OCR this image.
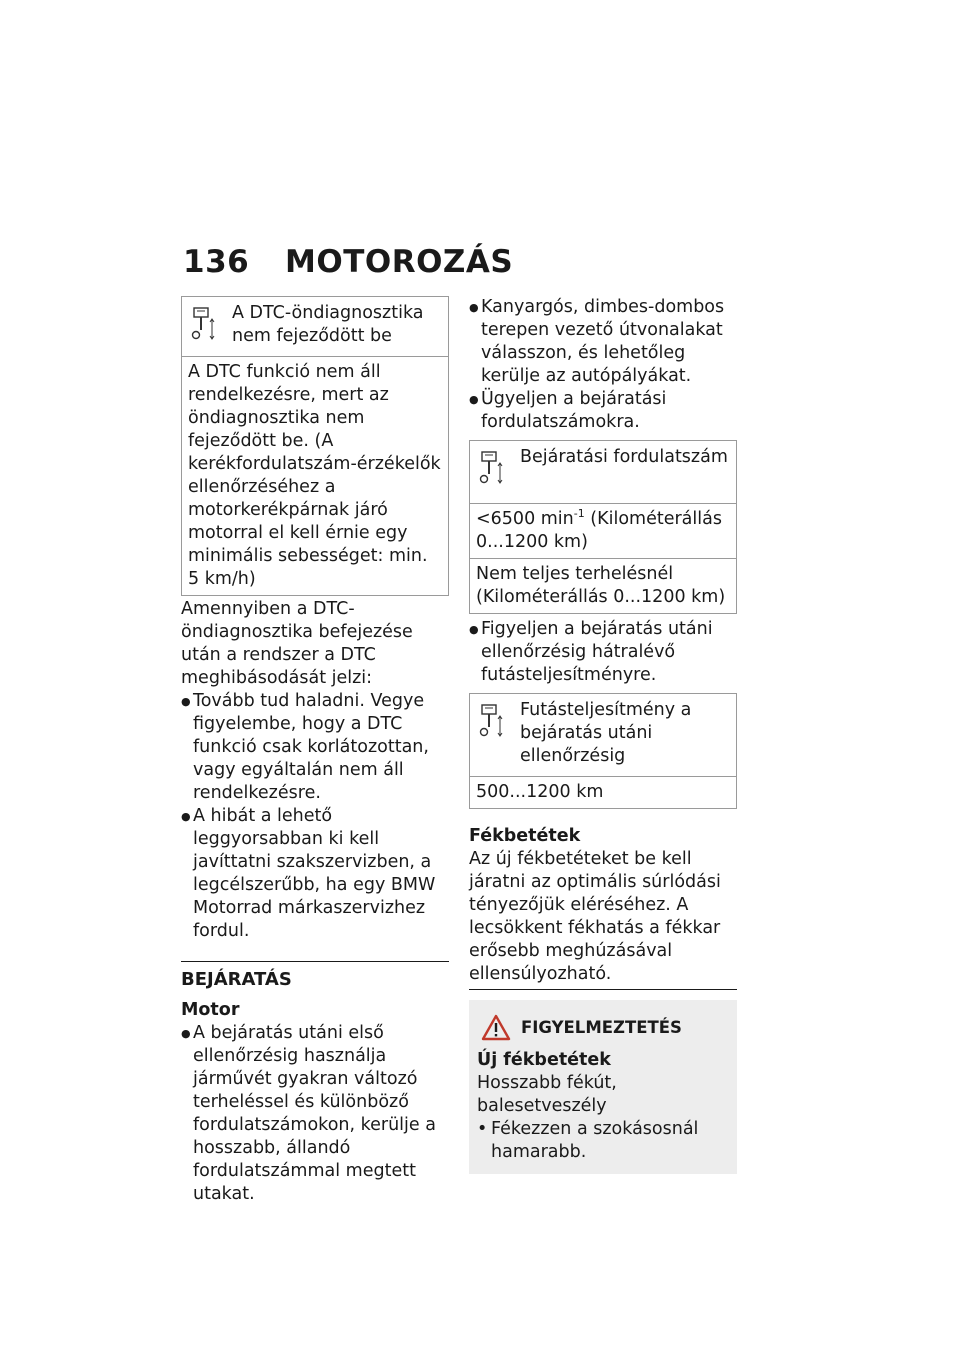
136 MOTOROZÁS
A DTC-öndiagnosztika nem fejeződött be
A DTC funkció nem áll rendelkezésre, mert az öndiagnosztika nem fejeződött be. (A kerékfordulatszám-érzékelők ellenőrzéséhez a motorkerékpárnak járó motorral el kell érnie egy minimális sebességet: min. 5 km/h)

Amennyiben a DTC-öndiagnosztika befejezése után a rendszer a DTC meghibásodását jelzi:

● Tovább tud haladni. Vegye figyelembe, hogy a DTC funkció csak korlátozottan, vagy egyáltalán nem áll rendelkezésre.
● A hibát a lehető leggyorsabban ki kell javíttatni szakszervizben, a legcélszerűbb, ha egy BMW Motorrad márkaszervizhez fordul.
BEJÁRATÁS
Motor
● A bejáratás utáni első ellenőrzésig használja járművét gyakran változó terheléssel és különböző fordulatszámokon, kerülje a hosszabb, állandó fordulatszámmal megtett utakat.
● Kanyargós, dimbes-dombos terepen vezető útvonalakat válasszon, és lehetőleg kerülje az autópályákat.
● Ügyeljen a bejáratási fordulatszámokra.
Bejáratási fordulatszám
<6500 $\min^{-1}$ (Kilométerállás 0...1200 km)
Nem teljes terhelésnél (Kilométerállás 0...1200 km)
● Figyeljen a bejáratás utáni ellenőrzésig hátralévő futásteljesítményre.
Futásteljesítmény a bejáratás utáni ellenőrzésig
500...1200 km
Fékbetétek

Az új fékbetéteket be kell járatni az optimális súrlódási tényezőjük eléréséhez. A lecsökkent fékhatás a fékkar erősebb meghúzásával ellensúlyozható.

FIGYELMEZTETÉS
Új fékbetétek

Hosszabb fékút, balesetveszély

• Fékezzen a szokásosnál hamarabb.
